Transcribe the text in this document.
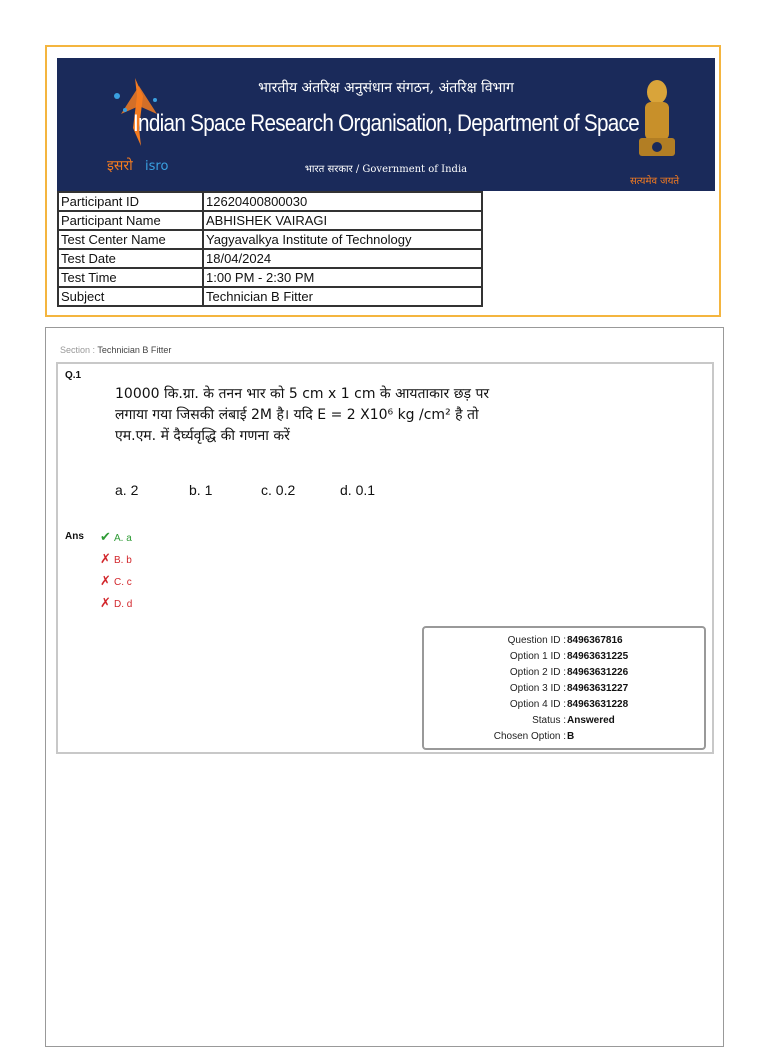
इसरो isro
भारतीय अंतरिक्ष अनुसंधान संगठन, अंतरिक्ष विभाग
Indian Space Research Organisation, Department of Space
भारत सरकार / Government of India
सत्यमेव जयते
Participant ID	12620400800030
Participant Name	ABHISHEK VAIRAGI
Test Center Name	Yagyavalkya Institute of Technology
Test Date	18/04/2024
Test Time	1:00 PM - 2:30 PM
Subject	Technician B Fitter
Section : Technician B Fitter
Q.1
10000 कि.ग्रा. के तनन भार को 5 cm x 1 cm के आयताकार छड़ पर
लगाया गया जिसकी लंबाई 2M है। यदि E = 2 X10⁶ kg /cm² है तो
एम.एम. में दैर्घ्यवृद्धि की गणना करें
a. 2	b. 1	c. 0.2	d. 0.1
Ans ✔ A. a
✗ B. b
✗ C. c
✗ D. d
Question ID : 8496367816
Option 1 ID : 84963631225
Option 2 ID : 84963631226
Option 3 ID : 84963631227
Option 4 ID : 84963631228
Status : Answered
Chosen Option : B
